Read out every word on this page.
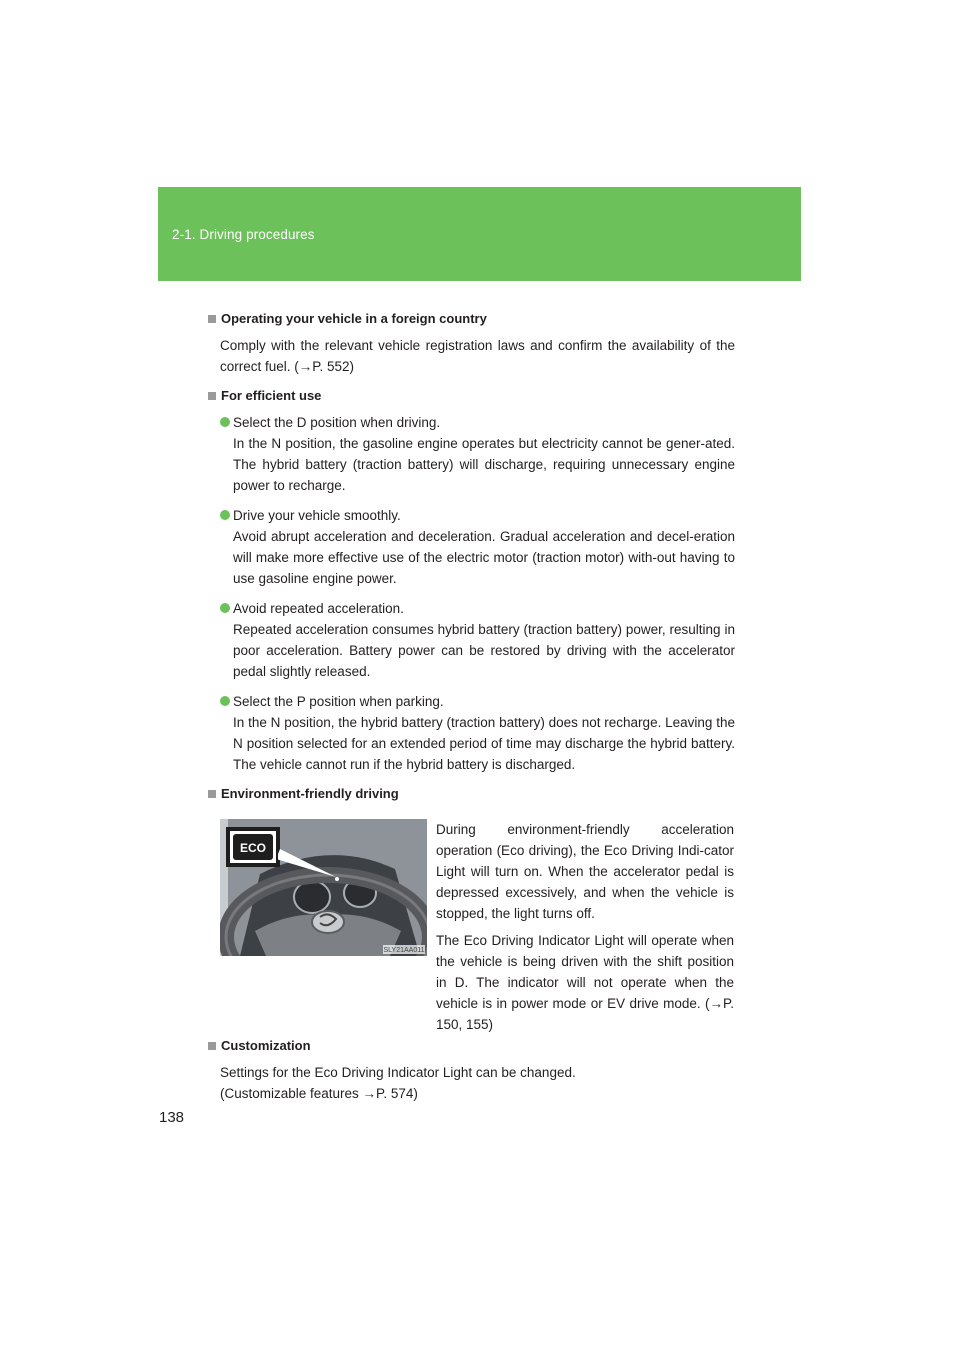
2-1. Driving procedures
Operating your vehicle in a foreign country

Comply with the relevant vehicle registration laws and confirm the availability of the correct fuel. (→P. 552)

For efficient use

Select the D position when driving.

In the N position, the gasoline engine operates but electricity cannot be gener-ated. The hybrid battery (traction battery) will discharge, requiring unnecessary engine power to recharge.

Drive your vehicle smoothly.

Avoid abrupt acceleration and deceleration. Gradual acceleration and decel-eration will make more effective use of the electric motor (traction motor) with-out having to use gasoline engine power.

Avoid repeated acceleration.

Repeated acceleration consumes hybrid battery (traction battery) power, resulting in poor acceleration. Battery power can be restored by driving with the accelerator pedal slightly released.

Select the P position when parking.

In the N position, the hybrid battery (traction battery) does not recharge. Leaving the N position selected for an extended period of time may discharge the hybrid battery. The vehicle cannot run if the hybrid battery is discharged.

Environment-friendly driving
ECO
SLY21AA011

During environment-friendly acceleration operation (Eco driving), the Eco Driving Indi-cator Light will turn on. When the accelerator pedal is depressed excessively, and when the vehicle is stopped, the light turns off.

The Eco Driving Indicator Light will operate when the vehicle is being driven with the shift position in D. The indicator will not operate when the vehicle is in power mode or EV drive mode. (→P. 150, 155)

Customization

Settings for the Eco Driving Indicator Light can be changed.

(Customizable features →P. 574)

138
